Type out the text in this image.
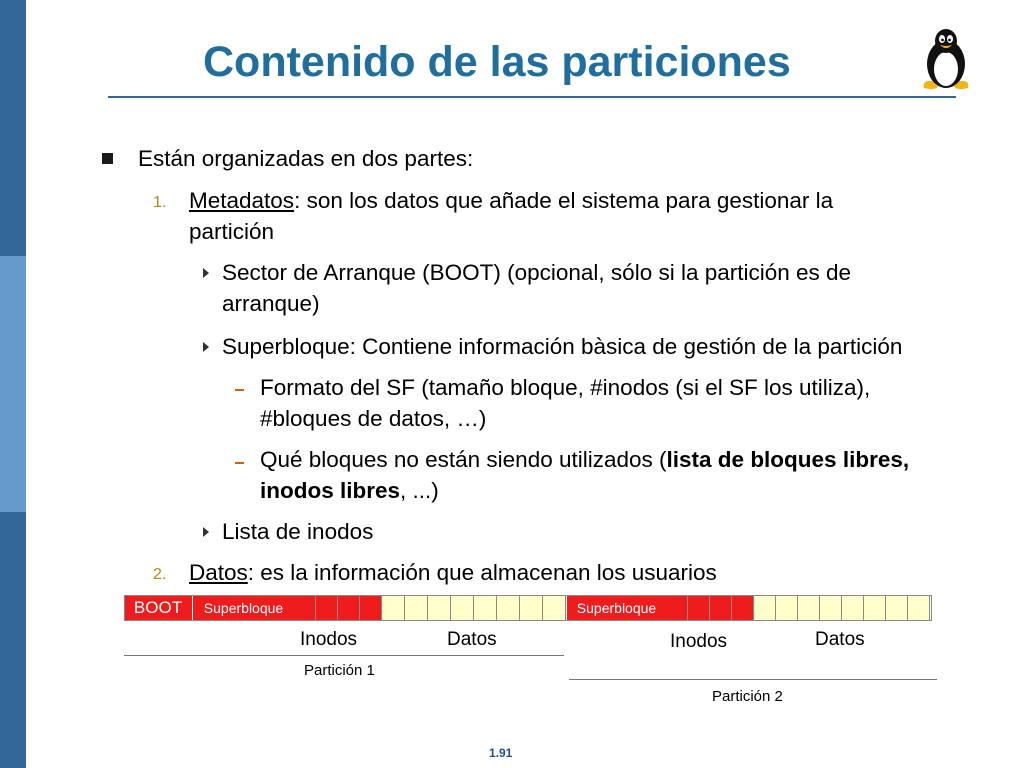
Contenido de las particiones
Están organizadas en dos partes:
1. Metadatos: son los datos que añade el sistema para gestionar la
partición
Sector de Arranque (BOOT) (opcional, sólo si la partición es de
arranque)
Superbloque: Contiene información bàsica de gestión de la partición
Formato del SF (tamaño bloque, #inodos (si el SF los utiliza),
#bloques de datos, …)
Qué bloques no están siendo utilizados (lista de bloques libres,
inodos libres, ...)
Lista de inodos
2. Datos: es la información que almacenan los usuarios
BOOT	Superbloque	Superbloque
Inodos	Datos	Inodos	Datos
Partición 1
Partición 2
1.91
